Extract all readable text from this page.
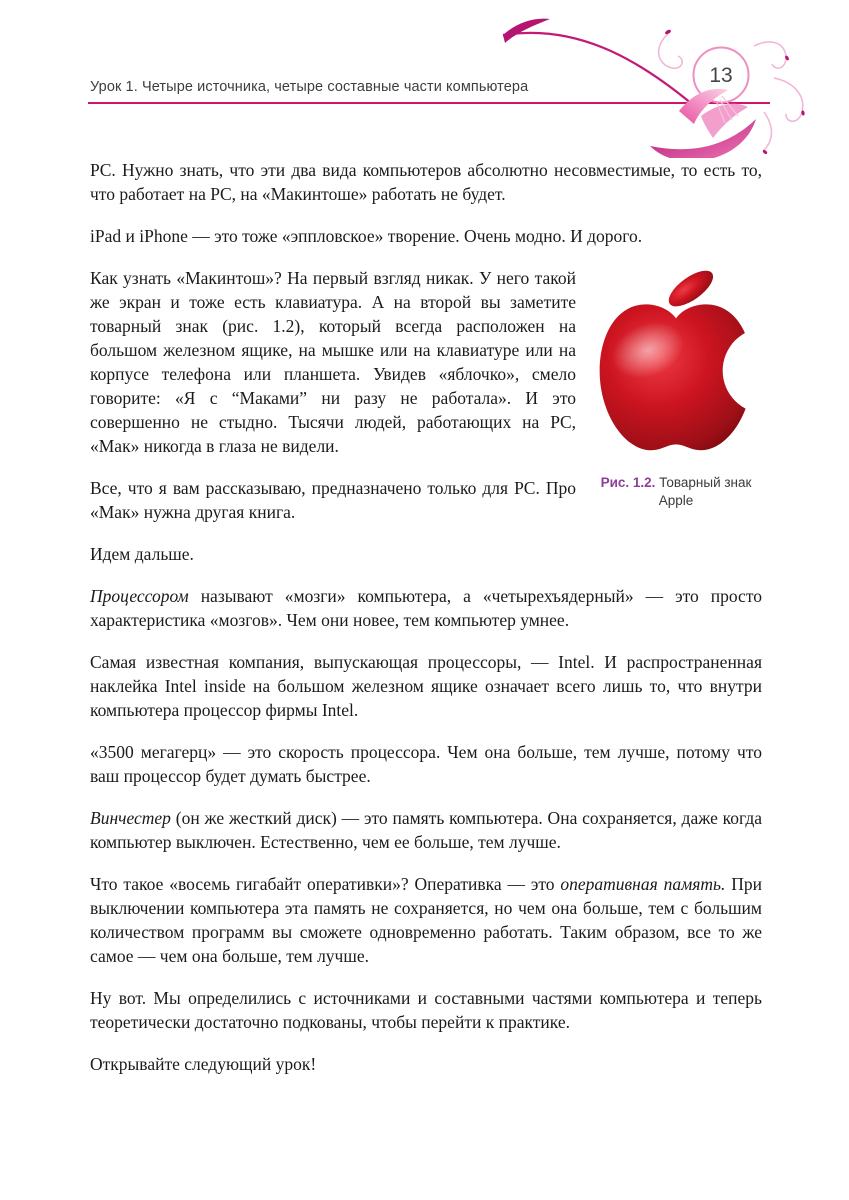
Урок 1. Четыре источника, четыре составные части компьютера	13

PC. Нужно знать, что эти два вида компьютеров абсолютно несовместимые, то есть то, что работает на PC, на «Макинтоше» работать не будет.

iPad и iPhone — это тоже «эппловское» творение. Очень модно. И дорого.

Рис. 1.2. Товарный знак Apple

Как узнать «Макинтош»? На первый взгляд никак. У него такой же экран и тоже есть клавиатура. А на второй вы заметите товарный знак (рис. 1.2), который всегда расположен на большом железном ящике, на мышке или на клавиатуре или на корпусе телефона или планшета. Увидев «яблочко», смело говорите: «Я с “Маками” ни разу не работала». И это совершенно не стыдно. Тысячи людей, работающих на PC, «Мак» никогда в глаза не видели.

Все, что я вам рассказываю, предназначено только для PC. Про «Мак» нужна другая книга.

Идем дальше.

Процессором называют «мозги» компьютера, а «четырехъядерный» — это просто характеристика «мозгов». Чем они новее, тем компьютер умнее.

Самая известная компания, выпускающая процессоры, — Intel. И распространенная наклейка Intel inside на большом железном ящике означает всего лишь то, что внутри компьютера процессор фирмы Intel.

«3500 мегагерц» — это скорость процессора. Чем она больше, тем лучше, потому что ваш процессор будет думать быстрее.

Винчестер (он же жесткий диск) — это память компьютера. Она сохраняется, даже когда компьютер выключен. Естественно, чем ее больше, тем лучше.

Что такое «восемь гигабайт оперативки»? Оперативка — это оперативная память. При выключении компьютера эта память не сохраняется, но чем она больше, тем с большим количеством программ вы сможете одновременно работать. Таким образом, все то же самое — чем она больше, тем лучше.

Ну вот. Мы определились с источниками и составными частями компьютера и теперь теоретически достаточно подкованы, чтобы перейти к практике.

Открывайте следующий урок!
